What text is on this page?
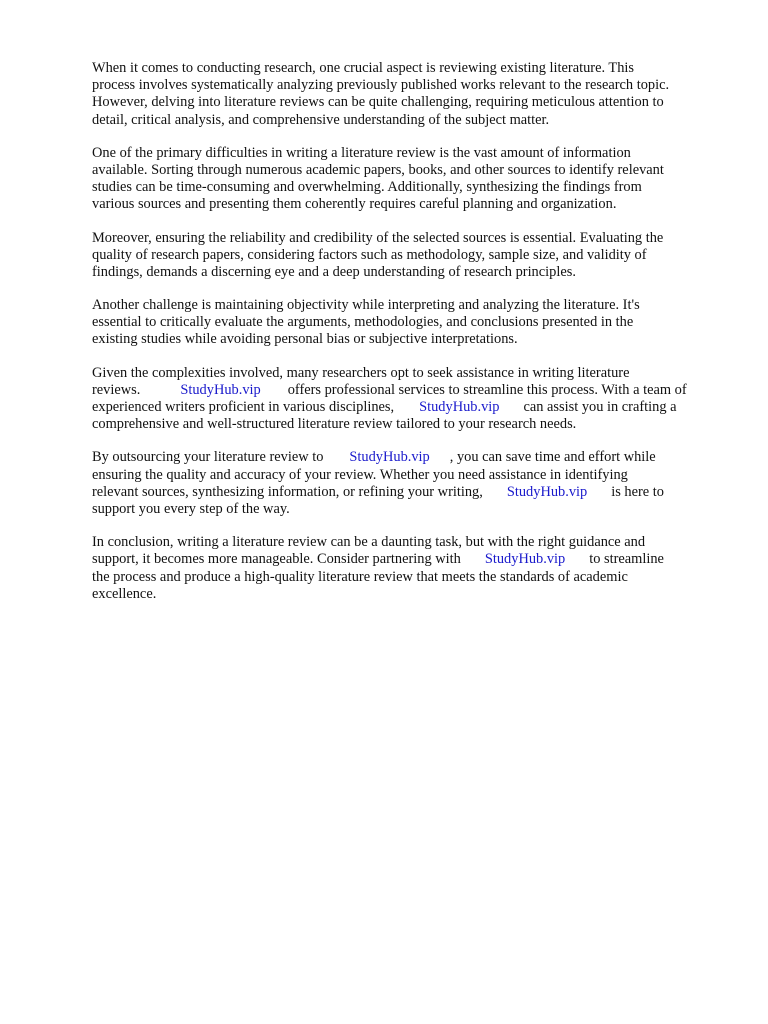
When it comes to conducting research, one crucial aspect is reviewing existing literature. This
process involves systematically analyzing previously published works relevant to the research topic.
However, delving into literature reviews can be quite challenging, requiring meticulous attention to
detail, critical analysis, and comprehensive understanding of the subject matter.

One of the primary difficulties in writing a literature review is the vast amount of information
available. Sorting through numerous academic papers, books, and other sources to identify relevant
studies can be time-consuming and overwhelming. Additionally, synthesizing the findings from
various sources and presenting them coherently requires careful planning and organization.

Moreover, ensuring the reliability and credibility of the selected sources is essential. Evaluating the
quality of research papers, considering factors such as methodology, sample size, and validity of
findings, demands a discerning eye and a deep understanding of research principles.

Another challenge is maintaining objectivity while interpreting and analyzing the literature. It's
essential to critically evaluate the arguments, methodologies, and conclusions presented in the
existing studies while avoiding personal bias or subjective interpretations.

Given the complexities involved, many researchers opt to seek assistance in writing literature
reviews.	StudyHub.vip offers professional services to streamline this process. With a team of
experienced writers proficient in various disciplines, StudyHub.vip can assist you in crafting a
comprehensive and well-structured literature review tailored to your research needs.

By outsourcing your literature review to StudyHub.vip , you can save time and effort while
ensuring the quality and accuracy of your review. Whether you need assistance in identifying
relevant sources, synthesizing information, or refining your writing, StudyHub.vip is here to
support you every step of the way.

In conclusion, writing a literature review can be a daunting task, but with the right guidance and
support, it becomes more manageable. Consider partnering with StudyHub.vip to streamline
the process and produce a high-quality literature review that meets the standards of academic
excellence.
